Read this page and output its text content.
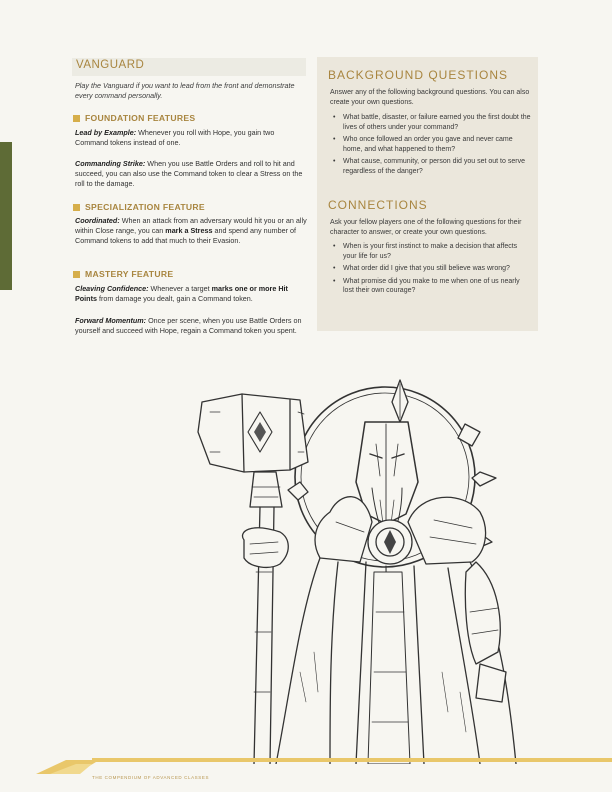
VANGUARD
Play the Vanguard if you want to lead from the front and demonstrate every command personally.
FOUNDATION FEATURES
Lead by Example: Whenever you roll with Hope, you gain two Command tokens instead of one.
Commanding Strike: When you use Battle Orders and roll to hit and succeed, you can also use the Command token to clear a Stress on the roll to the damage.
SPECIALIZATION FEATURE
Coordinated: When an attack from an adversary would hit you or an ally within Close range, you can mark a Stress and spend any number of Command tokens to add that much to their Evasion.
MASTERY FEATURE
Cleaving Confidence: Whenever a target marks one or more Hit Points from damage you dealt, gain a Command token.
Forward Momentum: Once per scene, when you use Battle Orders on yourself and succeed with Hope, regain a Command token you spent.
BACKGROUND QUESTIONS
Answer any of the following background questions. You can also create your own questions.
• What battle, disaster, or failure earned you the first doubt the lives of others under your command?
• Who once followed an order you gave and never came home, and what happened to them?
• What cause, community, or person did you set out to serve regardless of the danger?
CONNECTIONS
Ask your fellow players one of the following questions for their character to answer, or create your own questions.
• When is your first instinct to make a decision that affects your life for us?
• What order did I give that you still believe was wrong?
• What promise did you make to me when one of us nearly lost their own courage?
THE COMPENDIUM OF ADVANCED CLASSES
